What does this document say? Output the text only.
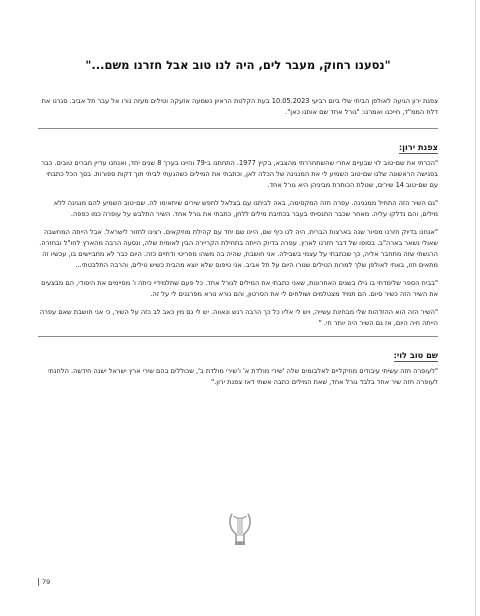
"נסענו רחוק, מעבר לים, היה לנו טוב אבל חזרנו משם..."

צפנת ירון הגיעה לאולפן הביתי שלי ביום רביעי 10.05.2023 בעת הקלטת הראיון נשמעה אזעקה וטילים מעזה נורו אל עבר תל אביב. סגרנו את דלת הממ"ד, חייכנו ואמרנו: "גורל אחד שם אותנו כאן".

צפנת ירון:

"הכרתי את שם-טוב לוי שבעיים אחרי שהשתחררתי מהצבא, בקיץ 1977. התחתנו ב-79 והיינו בערך 8 שנים יחד, ואנחנו עדיין חברים טובים. כבר בפגישה הראשונה שלנו שם-טוב השמיע לי את המנגינה של הכלה לאן, וכתבתי את המילים כשהגעתי לביתי תוך דקות ספורות. בסך הכל כתבתי עם שם-טוב 14 שירים, שנולת הכותרת מביניהן היא גורל אחד.

"גם השיר הזה התחיל ממנגינה. עפרה חזה המקסימה, באה לביתנו עם בצלאל לחפש שירים שיתאימו לה. שם-טוב השמיע להם מנגינה ללא מילים, והם נדלקו עליה. מאחר שכבר התנסיתי בעבר בכתיבת מילים ללחן, כתבתי את גורל אחד. השיר התלבש על עופרה כמו כפפה.

"אנחנו בדיוק חזרנו מסיור שנה בארצות הברית. היה לנו כיף שם, היינו שם יחד עם קהילת מוזיקאים. רצינו לחזור לישראל. אבל הייתה המחשבה שאולי נשאר בארה"ב. בסופו של דבר חזרנו לארץ. עפרה בדיוק הייתה בתחילת הקריירה הבין לאומית שלה, ונסעה הרבה מהארץ לחו"ל ובחזרה. הרגשתי שזה מתחבר אליה, כך שכתבתי על עצמי בשבילה. אני חושבת, שהיה בה משהו מפריטי ודתיים כזה. היום כבר לא מתביישים בו, עכשיו זה מתאים חזו, באתי לאולפן שלך למרות הטילים שנורו היום על תל אביב. אני טיפוס שלא יוצא מהבית כשיש טילים, והרבה התלבטתי...

"בבית הספר שלימדתי בו גילו בשנים האחרונות, שאני כתבתי את המילים לגורל אחד. כל פעם שתלמידיי כיתה ו' מסיימים את היסודי, הם מבצעים את השיר הזה כשיר סיום. הם תמיד מצטלמים ושולחים לי את הסרטון, והם נורא נורא מפרגנים לי על זה.

"השיר הזה הוא ההזדהות שלי מבחינת עשייה, ויש לי אליו כל כך הרבה רגש ונאווה. יש לי גם מין כאב לב כזה על השיר, כי אני חושבת שאם עפרה הייתה חיה היום, אז גם השיר היה יותר חי. "

שם טוב לוי:

"לעופרה חזה עשיתי עיבודים מוזיקליים לאלבומים שלה 'שירי מולדת א' ו'שירי מולדת ב', שכוללים בהם שירי ארץ ישראל ישנה חידשה. הלחנתי לעופרה חזה שיר אחד בלבד גורל אחד, שאת המילים כתבה אשתי דאז צפנת ירון."

79
